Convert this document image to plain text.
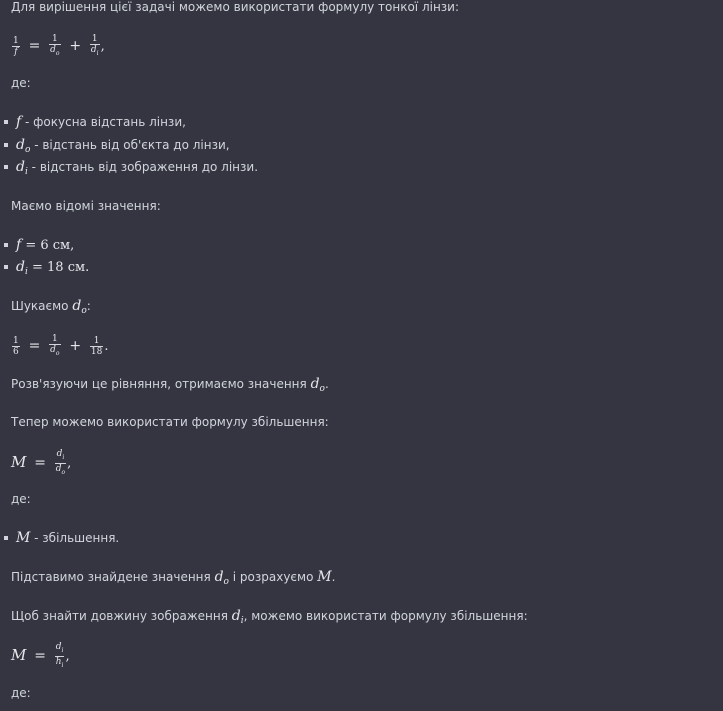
Для вирішення цієї задачі можемо використати формулу тонкої лінзи:
$\frac{1}{f} = \frac{1}{d_o} + \frac{1}{d_i}$ ,
де:
f - фокусна відстань лінзи,
$d_o$ - відстань від об'єкта до лінзи,
$d_i$ - відстань від зображення до лінзи.
Маємо відомі значення:
f = 6 см,
$d_i = 18$ см.
Шукаємо $d_o$:
$\frac{1}{6} = \frac{1}{d_o} + \frac{1}{18}$ .
Розв'язуючи це рівняння, отримаємо значення $d_o$.
Тепер можемо використати формулу збільшення:
$M = \frac{d_i}{d_o}$ ,
де:
M - збільшення.
Підставимо знайдене значення $d_o$ і розрахуємо M.
Щоб знайти довжину зображення $d_i$, можемо використати формулу збільшення:
$M = \frac{d_i}{h_i}$ ,
де:
